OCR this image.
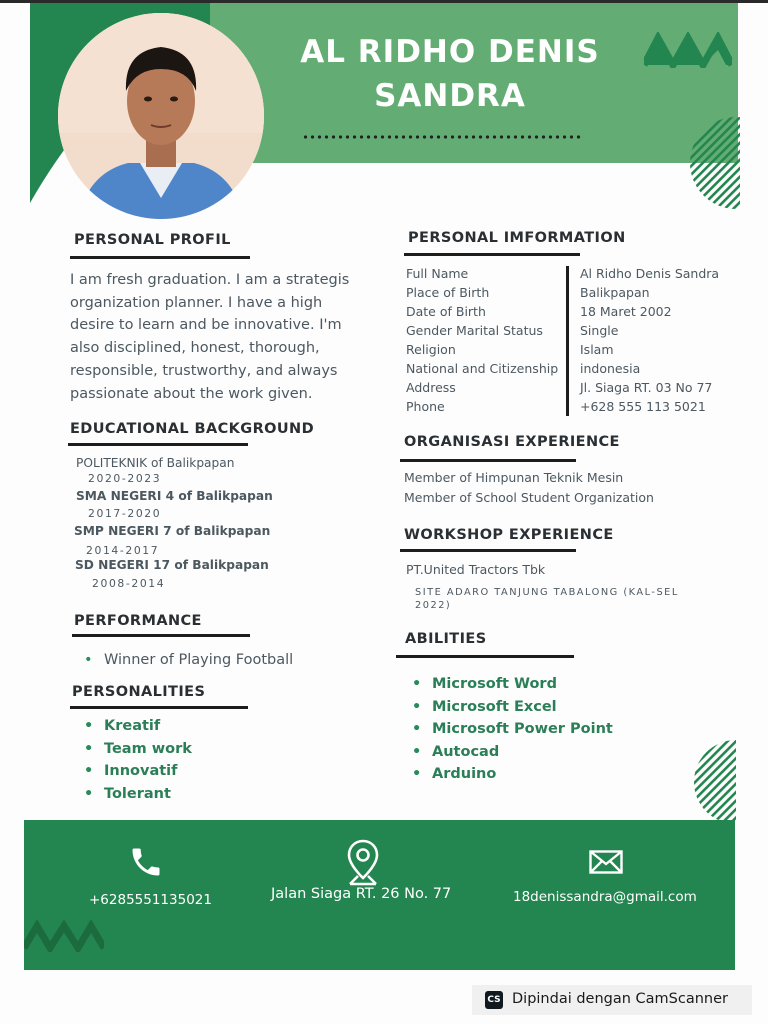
AL RIDHO DENIS
SANDRA
PERSONAL PROFIL
I am fresh graduation. I am a strategis
organization planner. I have a high
desire to learn and be innovative. I'm
also disciplined, honest, thorough,
responsible, trustworthy, and always
passionate about the work given.
EDUCATIONAL BACKGROUND
POLITEKNIK of Balikpapan
2020-2023
SMA NEGERI 4 of Balikpapan
2017-2020
SMP NEGERI 7 of Balikpapan
2014-2017
SD NEGERI 17 of Balikpapan
2008-2014
PERFORMANCE
• Winner of Playing Football
PERSONALITIES
• Kreatif
• Team work
• Innovatif
• Tolerant
PERSONAL IMFORMATION
Full Name
Place of Birth
Date of Birth
Gender Marital Status
Religion
National and Citizenship
Address
Phone
Al Ridho Denis Sandra
Balikpapan
18 Maret 2002
Single
Islam
indonesia
Jl. Siaga RT. 03 No 77
+628 555 113 5021
ORGANISASI EXPERIENCE
Member of Himpunan Teknik Mesin
Member of School Student Organization
WORKSHOP EXPERIENCE
PT.United Tractors Tbk
SITE ADARO TANJUNG TABALONG (KAL-SEL 2022)
ABILITIES
• Microsoft Word
• Microsoft Excel
• Microsoft Power Point
• Autocad
• Arduino
+6285551135021	Jalan Siaga RT. 26 No. 77	18denissandra@gmail.com
CS Dipindai dengan CamScanner
